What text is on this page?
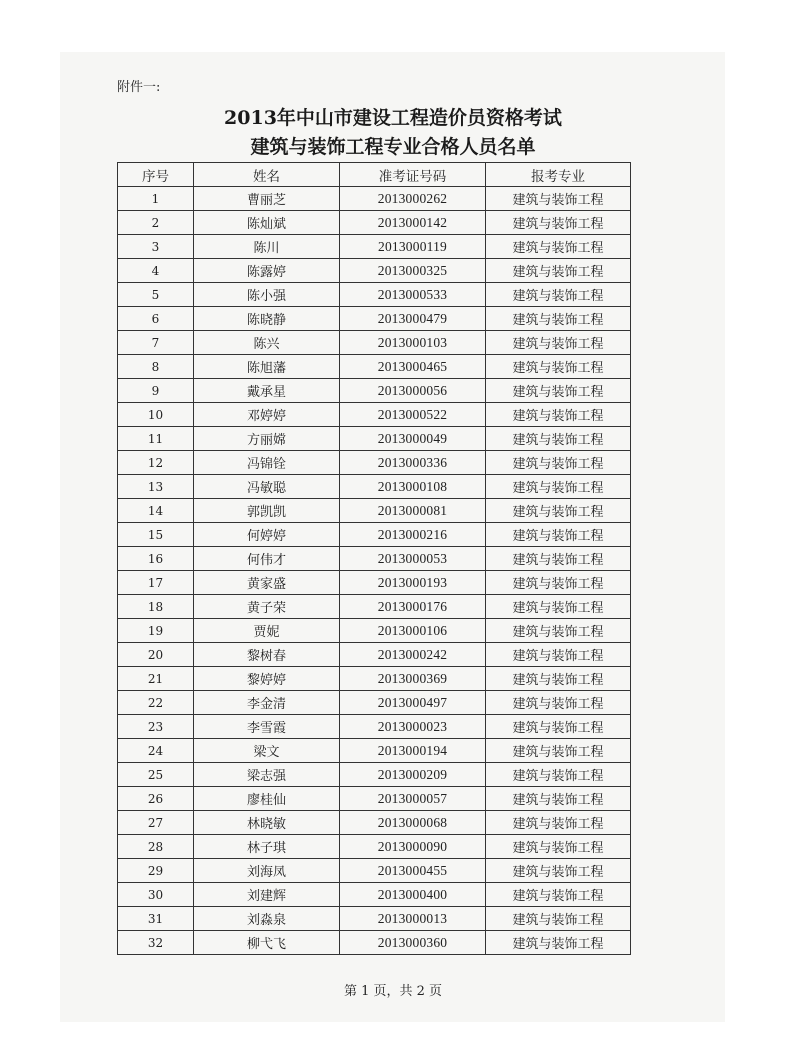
附件一:
2013年中山市建设工程造价员资格考试
建筑与装饰工程专业合格人员名单
序号	姓名	准考证号码	报考专业
1	曹丽芝	2013000262	建筑与装饰工程
2	陈灿斌	2013000142	建筑与装饰工程
3	陈川	2013000119	建筑与装饰工程
4	陈露婷	2013000325	建筑与装饰工程
5	陈小强	2013000533	建筑与装饰工程
6	陈晓静	2013000479	建筑与装饰工程
7	陈兴	2013000103	建筑与装饰工程
8	陈旭藩	2013000465	建筑与装饰工程
9	戴承星	2013000056	建筑与装饰工程
10	邓婷婷	2013000522	建筑与装饰工程
11	方丽嫦	2013000049	建筑与装饰工程
12	冯锦铨	2013000336	建筑与装饰工程
13	冯敏聪	2013000108	建筑与装饰工程
14	郭凯凯	2013000081	建筑与装饰工程
15	何婷婷	2013000216	建筑与装饰工程
16	何伟才	2013000053	建筑与装饰工程
17	黄家盛	2013000193	建筑与装饰工程
18	黄子荣	2013000176	建筑与装饰工程
19	贾妮	2013000106	建筑与装饰工程
20	黎树春	2013000242	建筑与装饰工程
21	黎婷婷	2013000369	建筑与装饰工程
22	李金清	2013000497	建筑与装饰工程
23	李雪霞	2013000023	建筑与装饰工程
24	梁文	2013000194	建筑与装饰工程
25	梁志强	2013000209	建筑与装饰工程
26	廖桂仙	2013000057	建筑与装饰工程
27	林晓敏	2013000068	建筑与装饰工程
28	林子琪	2013000090	建筑与装饰工程
29	刘海凤	2013000455	建筑与装饰工程
30	刘建辉	2013000400	建筑与装饰工程
31	刘淼泉	2013000013	建筑与装饰工程
32	柳弋飞	2013000360	建筑与装饰工程
第 1 页，共 2 页
